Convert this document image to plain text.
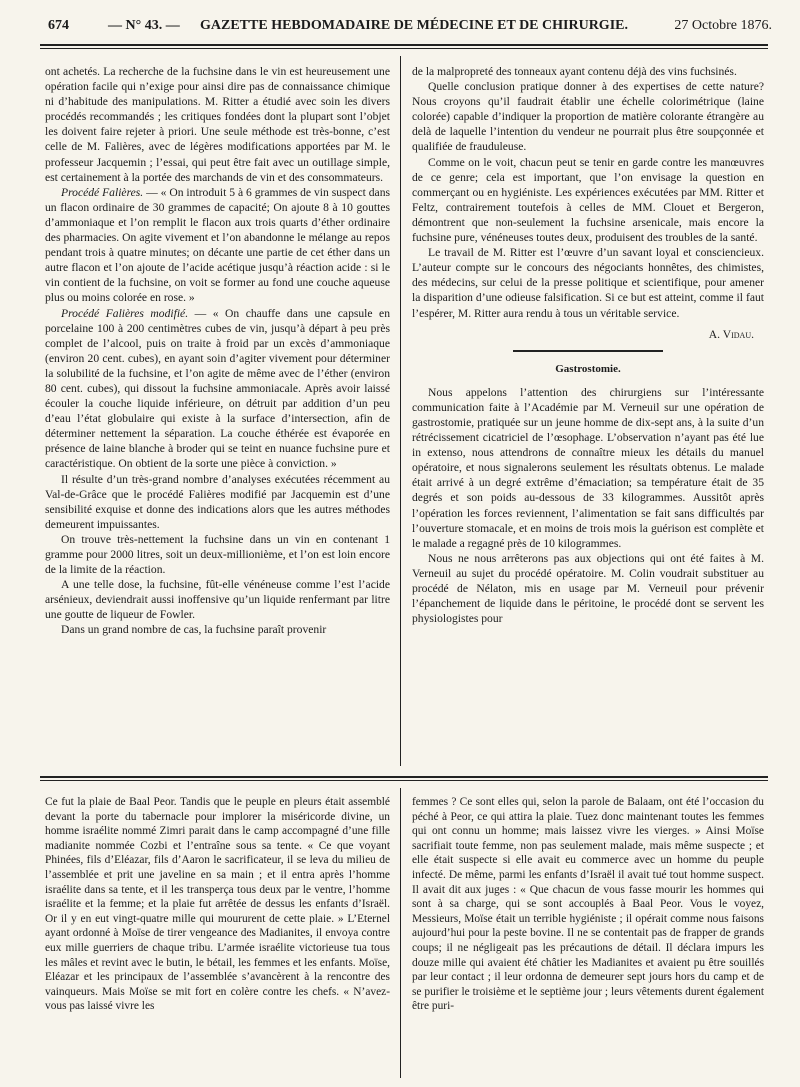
674	— N° 43. — GAZETTE HEBDOMADAIRE DE MÉDECINE ET DE CHIRURGIE.	27 Octobre 1876.

ont achetés. La recherche de la fuchsine dans le vin est heureusement une opération facile qui n’exige pour ainsi dire pas de connaissance chimique ni d’habitude des manipulations. M. Ritter a étudié avec soin les divers procédés recommandés ; les critiques fondées dont la plupart sont l’objet les doivent faire rejeter à priori. Une seule méthode est très-bonne, c’est celle de M. Falières, avec de légères modifications apportées par M. le professeur Jacquemin ; l’essai, qui peut être fait avec un outillage simple, est certainement à la portée des marchands de vin et des consommateurs.

Procédé Falières. — « On introduit 5 à 6 grammes de vin suspect dans un flacon ordinaire de 30 grammes de capacité; On ajoute 8 à 10 gouttes d’ammoniaque et l’on remplit le flacon aux trois quarts d’éther ordinaire des pharmacies. On agite vivement et l’on abandonne le mélange au repos pendant trois à quatre minutes; on décante une partie de cet éther dans un autre flacon et l’on ajoute de l’acide acétique jusqu’à réaction acide : si le vin contient de la fuchsine, on voit se former au fond une couche aqueuse plus ou moins colorée en rose. »

Procédé Falières modifié. — « On chauffe dans une capsule en porcelaine 100 à 200 centimètres cubes de vin, jusqu’à départ à peu près complet de l’alcool, puis on traite à froid par un excès d’ammoniaque (environ 20 cent. cubes), en ayant soin d’agiter vivement pour déterminer la solubilité de la fuchsine, et l’on agite de même avec de l’éther (environ 80 cent. cubes), qui dissout la fuchsine ammoniacale. Après avoir laissé écouler la couche liquide inférieure, on détruit par addition d’un peu d’eau l’état globulaire qui existe à la surface d’intersection, afin de déterminer nettement la séparation. La couche éthérée est évaporée en présence de laine blanche à broder qui se teint en nuance fuchsine pure et caractéristique. On obtient de la sorte une pièce à conviction. »

Il résulte d’un très-grand nombre d’analyses exécutées récemment au Val-de-Grâce que le procédé Falières modifié par Jacquemin est d’une sensibilité exquise et donne des indications alors que les autres méthodes demeurent impuissantes.

On trouve très-nettement la fuchsine dans un vin en contenant 1 gramme pour 2000 litres, soit un deux-millionième, et l’on est loin encore de la limite de la réaction.

A une telle dose, la fuchsine, fût-elle vénéneuse comme l’est l’acide arsénieux, deviendrait aussi inoffensive qu’un liquide renfermant par litre une goutte de liqueur de Fowler.

Dans un grand nombre de cas, la fuchsine paraît provenir

de la malpropreté des tonneaux ayant contenu déjà des vins fuchsinés.

Quelle conclusion pratique donner à des expertises de cette nature? Nous croyons qu’il faudrait établir une échelle colorimétrique (laine colorée) capable d’indiquer la proportion de matière colorante étrangère au delà de laquelle l’intention du vendeur ne pourrait plus être soupçonnée et qualifiée de frauduleuse.

Comme on le voit, chacun peut se tenir en garde contre les manœuvres de ce genre; cela est important, que l’on envisage la question en commerçant ou en hygiéniste. Les expériences exécutées par MM. Ritter et Feltz, contrairement toutefois à celles de MM. Clouet et Bergeron, démontrent que non-seulement la fuchsine arsenicale, mais encore la fuchsine pure, vénéneuses toutes deux, produisent des troubles de la santé.

Le travail de M. Ritter est l’œuvre d’un savant loyal et consciencieux. L’auteur compte sur le concours des négociants honnêtes, des chimistes, des médecins, sur celui de la presse politique et scientifique, pour amener la disparition d’une odieuse falsification. Si ce but est atteint, comme il faut l’espérer, M. Ritter aura rendu à tous un véritable service.

A. Vidau.
Gastrostomie.

Nous appelons l’attention des chirurgiens sur l’intéressante communication faite à l’Académie par M. Verneuil sur une opération de gastrostomie, pratiquée sur un jeune homme de dix-sept ans, à la suite d’un rétrécissement cicatriciel de l’œsophage. L’observation n’ayant pas été lue in extenso, nous attendrons de connaître mieux les détails du manuel opératoire, et nous signalerons seulement les résultats obtenus. Le malade était arrivé à un degré extrême d’émaciation; sa température était de 35 degrés et son poids au-dessous de 33 kilogrammes. Aussitôt après l’opération les forces reviennent, l’alimentation se fait sans difficultés par l’ouverture stomacale, et en moins de trois mois la guérison est complète et le malade a regagné près de 10 kilogrammes.

Nous ne nous arrêterons pas aux objections qui ont été faites à M. Verneuil au sujet du procédé opératoire. M. Colin voudrait substituer au procédé de Nélaton, mis en usage par M. Verneuil pour prévenir l’épanchement de liquide dans le péritoine, le procédé dont se servent les physiologistes pour

Ce fut la plaie de Baal Peor. Tandis que le peuple en pleurs était assemblé devant la porte du tabernacle pour implorer la miséricorde divine, un homme israélite nommé Zimri parait dans le camp accompagné d’une fille madianite nommée Cozbi et l’entraîne sous sa tente. « Ce que voyant Phinées, fils d’Eléazar, fils d’Aaron le sacrificateur, il se leva du milieu de l’assemblée et prit une javeline en sa main ; et il entra après l’homme israélite dans sa tente, et il les transperça tous deux par le ventre, l’homme israélite et la femme; et la plaie fut arrêtée de dessus les enfants d’Israël. Or il y en eut vingt-quatre mille qui moururent de cette plaie. » L’Eternel ayant ordonné à Moïse de tirer vengeance des Madianites, il envoya contre eux mille guerriers de chaque tribu. L’armée israélite victorieuse tua tous les mâles et revint avec le butin, le bétail, les femmes et les enfants. Moïse, Eléazar et les principaux de l’assemblée s’avancèrent à la rencontre des vainqueurs. Mais Moïse se mit fort en colère contre les chefs. « N’avez-vous pas laissé vivre les

femmes ? Ce sont elles qui, selon la parole de Balaam, ont été l’occasion du péché à Peor, ce qui attira la plaie. Tuez donc maintenant toutes les femmes qui ont connu un homme; mais laissez vivre les vierges. » Ainsi Moïse sacrifiait toute femme, non pas seulement malade, mais même suspecte ; et elle était suspecte si elle avait eu commerce avec un homme du peuple infecté. De même, parmi les enfants d’Israël il avait tué tout homme suspect. Il avait dit aux juges : « Que chacun de vous fasse mourir les hommes qui sont à sa charge, qui se sont accouplés à Baal Peor. Vous le voyez, Messieurs, Moïse était un terrible hygiéniste ; il opérait comme nous faisons aujourd’hui pour la peste bovine. Il ne se contentait pas de frapper de grands coups; il ne négligeait pas les précautions de détail. Il déclara impurs les douze mille qui avaient été châtier les Madianites et avaient pu être souillés par leur contact ; il leur ordonna de demeurer sept jours hors du camp et de se purifier le troisième et le septième jour ; leurs vêtements durent également être puri-
